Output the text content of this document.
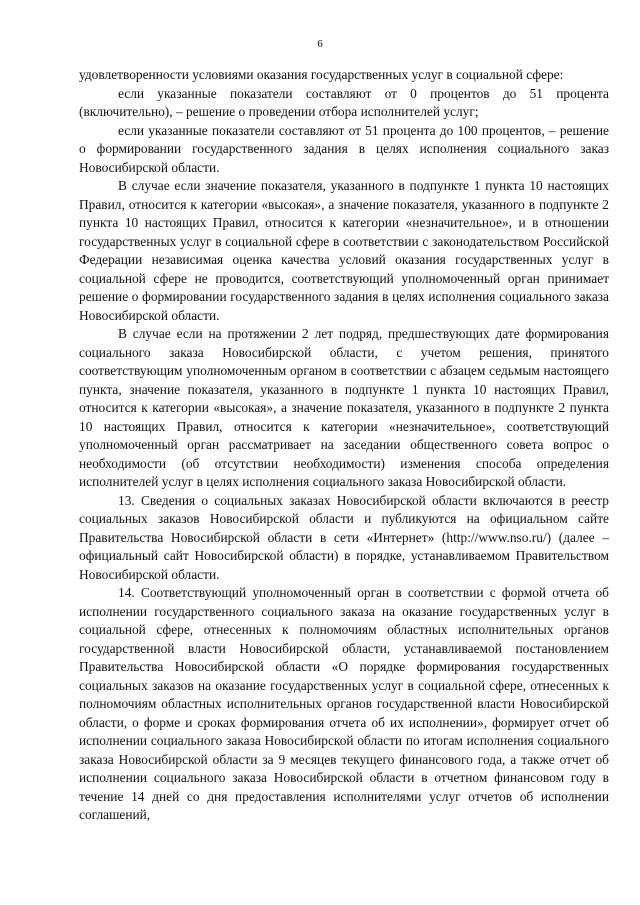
6

удовлетворенности условиями оказания государственных услуг в социальной сфере:

если указанные показатели составляют от 0 процентов до 51 процента (включительно), – решение о проведении отбора исполнителей услуг;

если указанные показатели составляют от 51 процента до 100 процентов, – решение о формировании государственного задания в целях исполнения социального заказ Новосибирской области.

В случае если значение показателя, указанного в подпункте 1 пункта 10 настоящих Правил, относится к категории «высокая», а значение показателя, указанного в подпункте 2 пункта 10 настоящих Правил, относится к категории «незначительное», и в отношении государственных услуг в социальной сфере в соответствии с законодательством Российской Федерации независимая оценка качества условий оказания государственных услуг в социальной сфере не проводится, соответствующий уполномоченный орган принимает решение о формировании государственного задания в целях исполнения социального заказа Новосибирской области.

В случае если на протяжении 2 лет подряд, предшествующих дате формирования социального заказа Новосибирской области, с учетом решения, принятого соответствующим уполномоченным органом в соответствии с абзацем седьмым настоящего пункта, значение показателя, указанного в подпункте 1 пункта 10 настоящих Правил, относится к категории «высокая», а значение показателя, указанного в подпункте 2 пункта 10 настоящих Правил, относится к категории «незначительное», соответствующий уполномоченный орган рассматривает на заседании общественного совета вопрос о необходимости (об отсутствии необходимости) изменения способа определения исполнителей услуг в целях исполнения социального заказа Новосибирской области.

13. Сведения о социальных заказах Новосибирской области включаются в реестр социальных заказов Новосибирской области и публикуются на официальном сайте Правительства Новосибирской области в сети «Интернет» (http://www.nso.ru/) (далее – официальный сайт Новосибирской области) в порядке, устанавливаемом Правительством Новосибирской области.

14. Соответствующий уполномоченный орган в соответствии с формой отчета об исполнении государственного социального заказа на оказание государственных услуг в социальной сфере, отнесенных к полномочиям областных исполнительных органов государственной власти Новосибирской области, устанавливаемой постановлением Правительства Новосибирской области «О порядке формирования государственных социальных заказов на оказание государственных услуг в социальной сфере, отнесенных к полномочиям областных исполнительных органов государственной власти Новосибирской области, о форме и сроках формирования отчета об их исполнении», формирует отчет об исполнении социального заказа Новосибирской области по итогам исполнения социального заказа Новосибирской области за 9 месяцев текущего финансового года, а также отчет об исполнении социального заказа Новосибирской области в отчетном финансовом году в течение 14 дней со дня предоставления исполнителями услуг отчетов об исполнении соглашений,
